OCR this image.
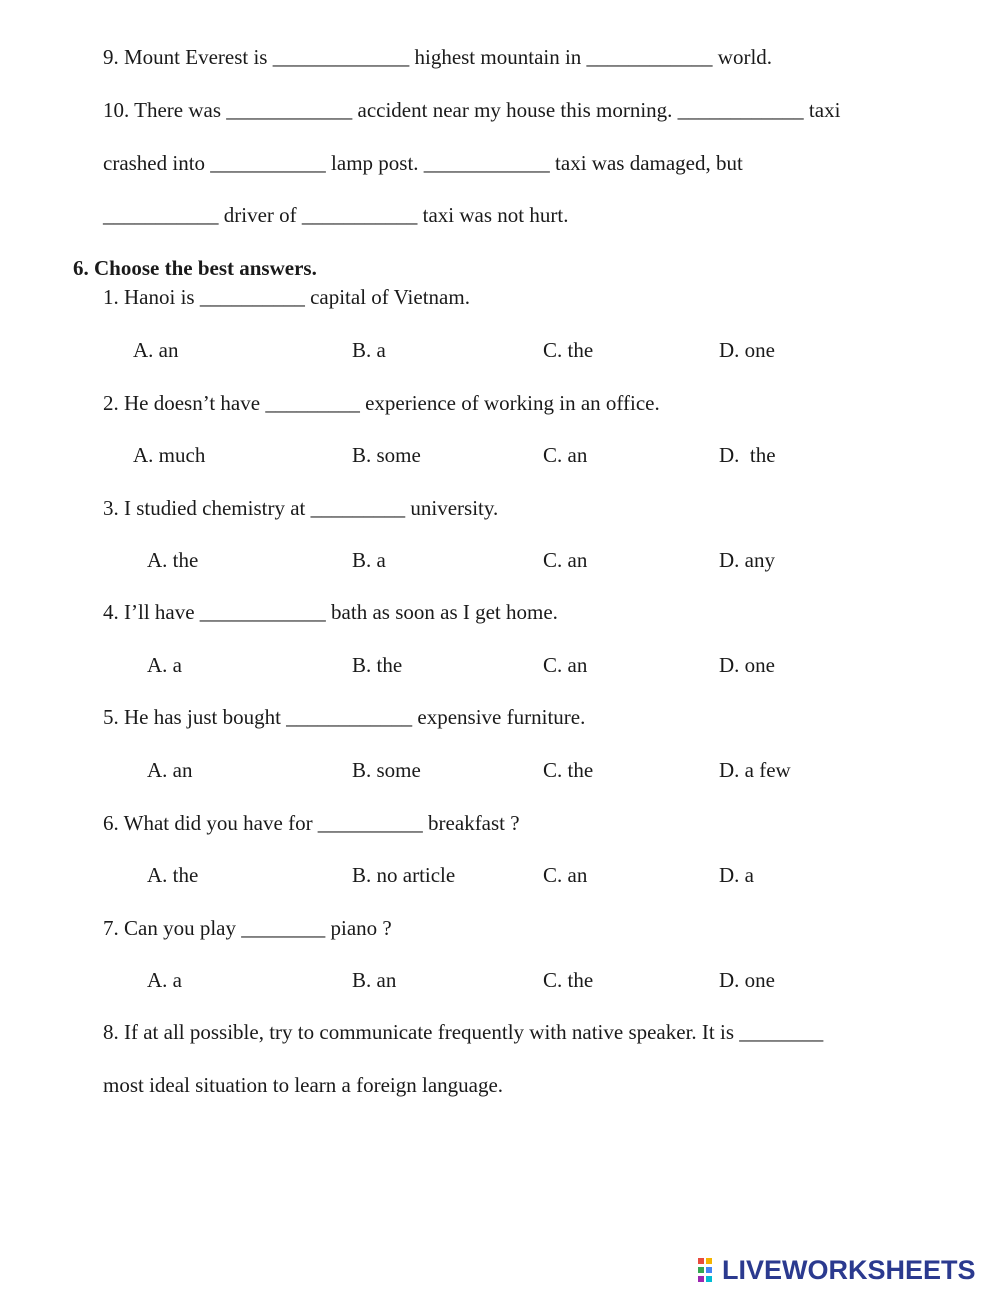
9. Mount Everest is _____________ highest mountain in ____________ world.
10. There was ____________ accident near my house this morning. ____________ taxi
crashed into ___________ lamp post. ____________ taxi was damaged, but
___________ driver of ___________ taxi was not hurt.
6. Choose the best answers.
1. Hanoi is __________ capital of Vietnam.
A. an	B. a	C. the	D. one
2. He doesn’t have _________ experience of working in an office.
A. much	B. some	C. an	D.  the
3. I studied chemistry at _________ university.
A. the	B. a	C. an	D. any
4. I’ll have ____________ bath as soon as I get home.
A. a	B. the	C. an	D. one
5. He has just bought ____________ expensive furniture.
A. an	B. some	C. the	D. a few
6. What did you have for __________ breakfast ?
A. the	B. no article	C. an	D. a
7. Can you play ________ piano ?
A. a	B. an	C. the	D. one
8. If at all possible, try to communicate frequently with native speaker. It is ________
most ideal situation to learn a foreign language.
LIVEWORKSHEETS
